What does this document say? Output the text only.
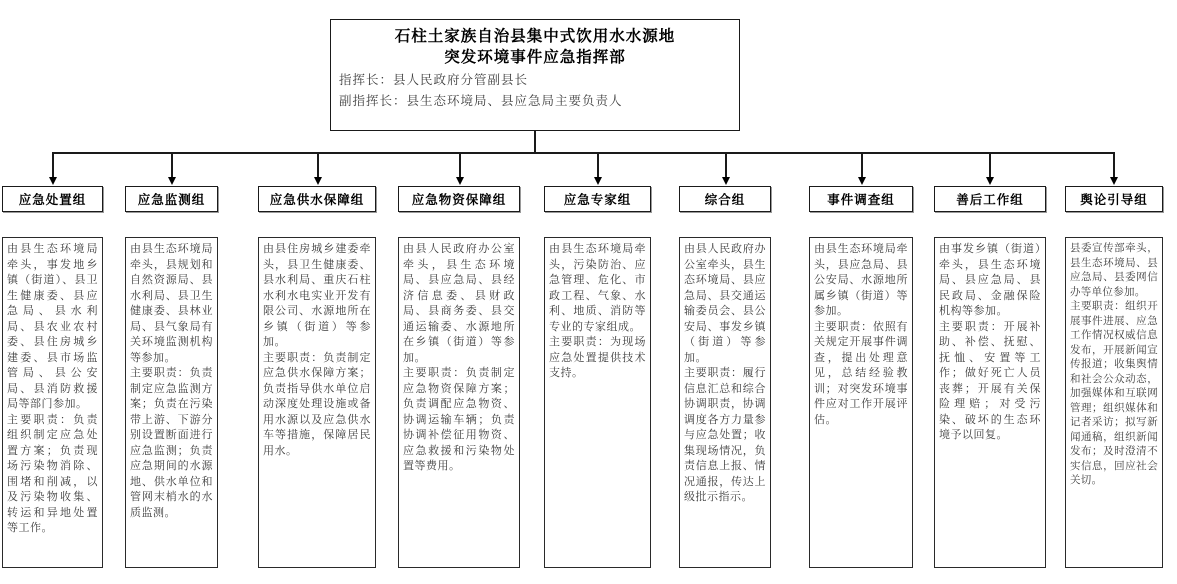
石柱土家族自治县集中式饮用水水源地
突发环境事件应急指挥部
指挥长：县人民政府分管副县长
副指挥长：县生态环境局、县应急局主要负责人
应急处置组

由县生态环境局牵头，事发地乡镇（街道）、县卫生健康委、县应急局、县水利局、县农业农村委、县住房城乡建委、县市场监管局、县公安局、县消防救援局等部门参加。

主要职责：负责组织制定应急处置方案；负责现场污染物消除、围堵和削减，以及污染物收集、转运和异地处置等工作。

应急监测组

由县生态环境局牵头，县规划和自然资源局、县水利局、县卫生健康委、县林业局、县气象局有关环境监测机构等参加。

主要职责：负责制定应急监测方案；负责在污染带上游、下游分别设置断面进行应急监测；负责应急期间的水源地、供水单位和管网末梢水的水质监测。

应急供水保障组

由县住房城乡建委牵头，县卫生健康委、县水利局、重庆石柱水利水电实业开发有限公司、水源地所在乡镇（街道）等参加。

主要职责：负责制定应急供水保障方案；负责指导供水单位启动深度处理设施或备用水源以及应急供水车等措施，保障居民用水。

应急物资保障组

由县人民政府办公室牵头，县生态环境局、县应急局、县经济信息委、县财政局、县商务委、县交通运输委、水源地所在乡镇（街道）等参加。

主要职责：负责制定应急物资保障方案；负责调配应急物资、协调运输车辆；负责协调补偿征用物资、应急救援和污染物处置等费用。

应急专家组

由县生态环境局牵头，污染防治、应急管理、危化、市政工程、气象、水利、地质、消防等专业的专家组成。

主要职责：为现场应急处置提供技术支持。

综合组

由县人民政府办公室牵头，县生态环境局、县应急局、县交通运输委员会、县公安局、事发乡镇（街道）等参加。

主要职责：履行信息汇总和综合协调职责，协调调度各方力量参与应急处置；收集现场情况，负责信息上报、情况通报，传达上级批示指示。

事件调查组

由县生态环境局牵头，县应急局、县公安局、水源地所属乡镇（街道）等参加。

主要职责：依照有关规定开展事件调查，提出处理意见，总结经验教训；对突发环境事件应对工作开展评估。

善后工作组

由事发乡镇（街道）牵头，县生态环境局、县应急局、县民政局、金融保险机构等参加。

主要职责：开展补助、补偿、抚慰、抚恤、安置等工作；做好死亡人员丧葬；开展有关保险理赔；对受污染、破坏的生态环境予以回复。

舆论引导组

县委宣传部牵头，县生态环境局、县应急局、县委网信办等单位参加。

主要职责：组织开展事件进展、应急工作情况权威信息发布，开展新闻宣传报道；收集舆情和社会公众动态，加强媒体和互联网管理；组织媒体和记者采访；拟写新闻通稿，组织新闻发布；及时澄清不实信息，回应社会关切。
